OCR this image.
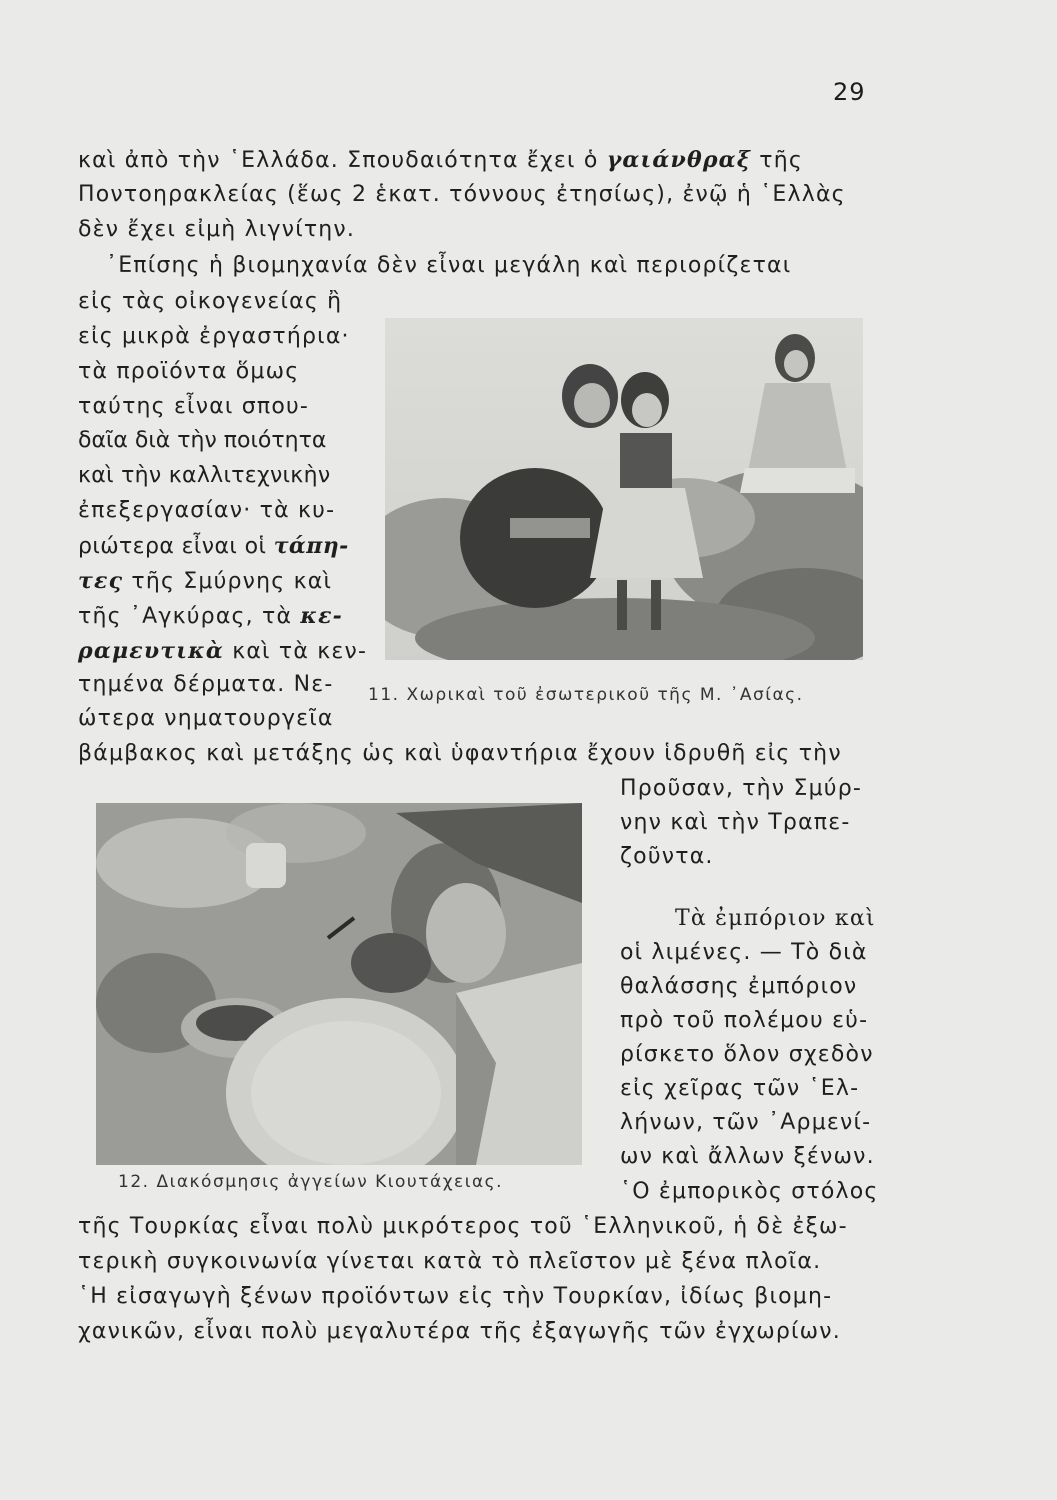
29
καὶ ἀπὸ τὴν ῾Ελλάδα. Σπουδαιότητα ἔχει ὁ γαιάνθραξ τῆς
Ποντοηρακλείας (ἕως 2 ἑκατ. τόννους ἐτησίως), ἐνῷ ἡ ῾Ελλὰς
δὲν ἔχει εἰμὴ λιγνίτην.
᾽Επίσης ἡ βιομηχανία δὲν εἶναι μεγάλη καὶ περιορίζεται
εἰς τὰς οἰκογενείας ἢ
εἰς μικρὰ ἐργαστήρια·
τὰ προϊόντα ὅμως
ταύτης εἶναι σπου-
δαῖα διὰ τὴν ποιότητα
καὶ τὴν καλλιτεχνικὴν
ἐπεξεργασίαν· τὰ κυ-
ριώτερα εἶναι οἱ τάπη-
τες τῆς Σμύρνης καὶ
τῆς ᾽Αγκύρας, τὰ κε-
ραμευτικὰ καὶ τὰ κεν-
τημένα δέρματα. Νε-
ώτερα νηματουργεῖα
11. Χωρικαὶ τοῦ ἐσωτερικοῦ τῆς Μ. ᾽Ασίας.
βάμβακος καὶ μετάξης ὡς καὶ ὑφαντήρια ἔχουν ἱδρυθῆ εἰς τὴν
Προῦσαν, τὴν Σμύρ-
νην καὶ τὴν Τραπε-
ζοῦντα.
Τὰ ἐμπόριον καὶ
οἱ λιμένες. — Τὸ διὰ
θαλάσσης ἐμπόριον
πρὸ τοῦ πολέμου εὑ-
ρίσκετο ὅλον σχεδὸν
εἰς χεῖρας τῶν ῾Ελ-
λήνων, τῶν ᾽Αρμενί-
ων καὶ ἄλλων ξένων.
῾Ο ἐμπορικὸς στόλος
12. Διακόσμησις ἀγγείων Κιουτάχειας.
τῆς Τουρκίας εἶναι πολὺ μικρότερος τοῦ ῾Ελληνικοῦ, ἡ δὲ ἐξω-
τερικὴ συγκοινωνία γίνεται κατὰ τὸ πλεῖστον μὲ ξένα πλοῖα.
῾Η εἰσαγωγὴ ξένων προϊόντων εἰς τὴν Τουρκίαν, ἰδίως βιομη-
χανικῶν, εἶναι πολὺ μεγαλυτέρα τῆς ἐξαγωγῆς τῶν ἐγχωρίων.
